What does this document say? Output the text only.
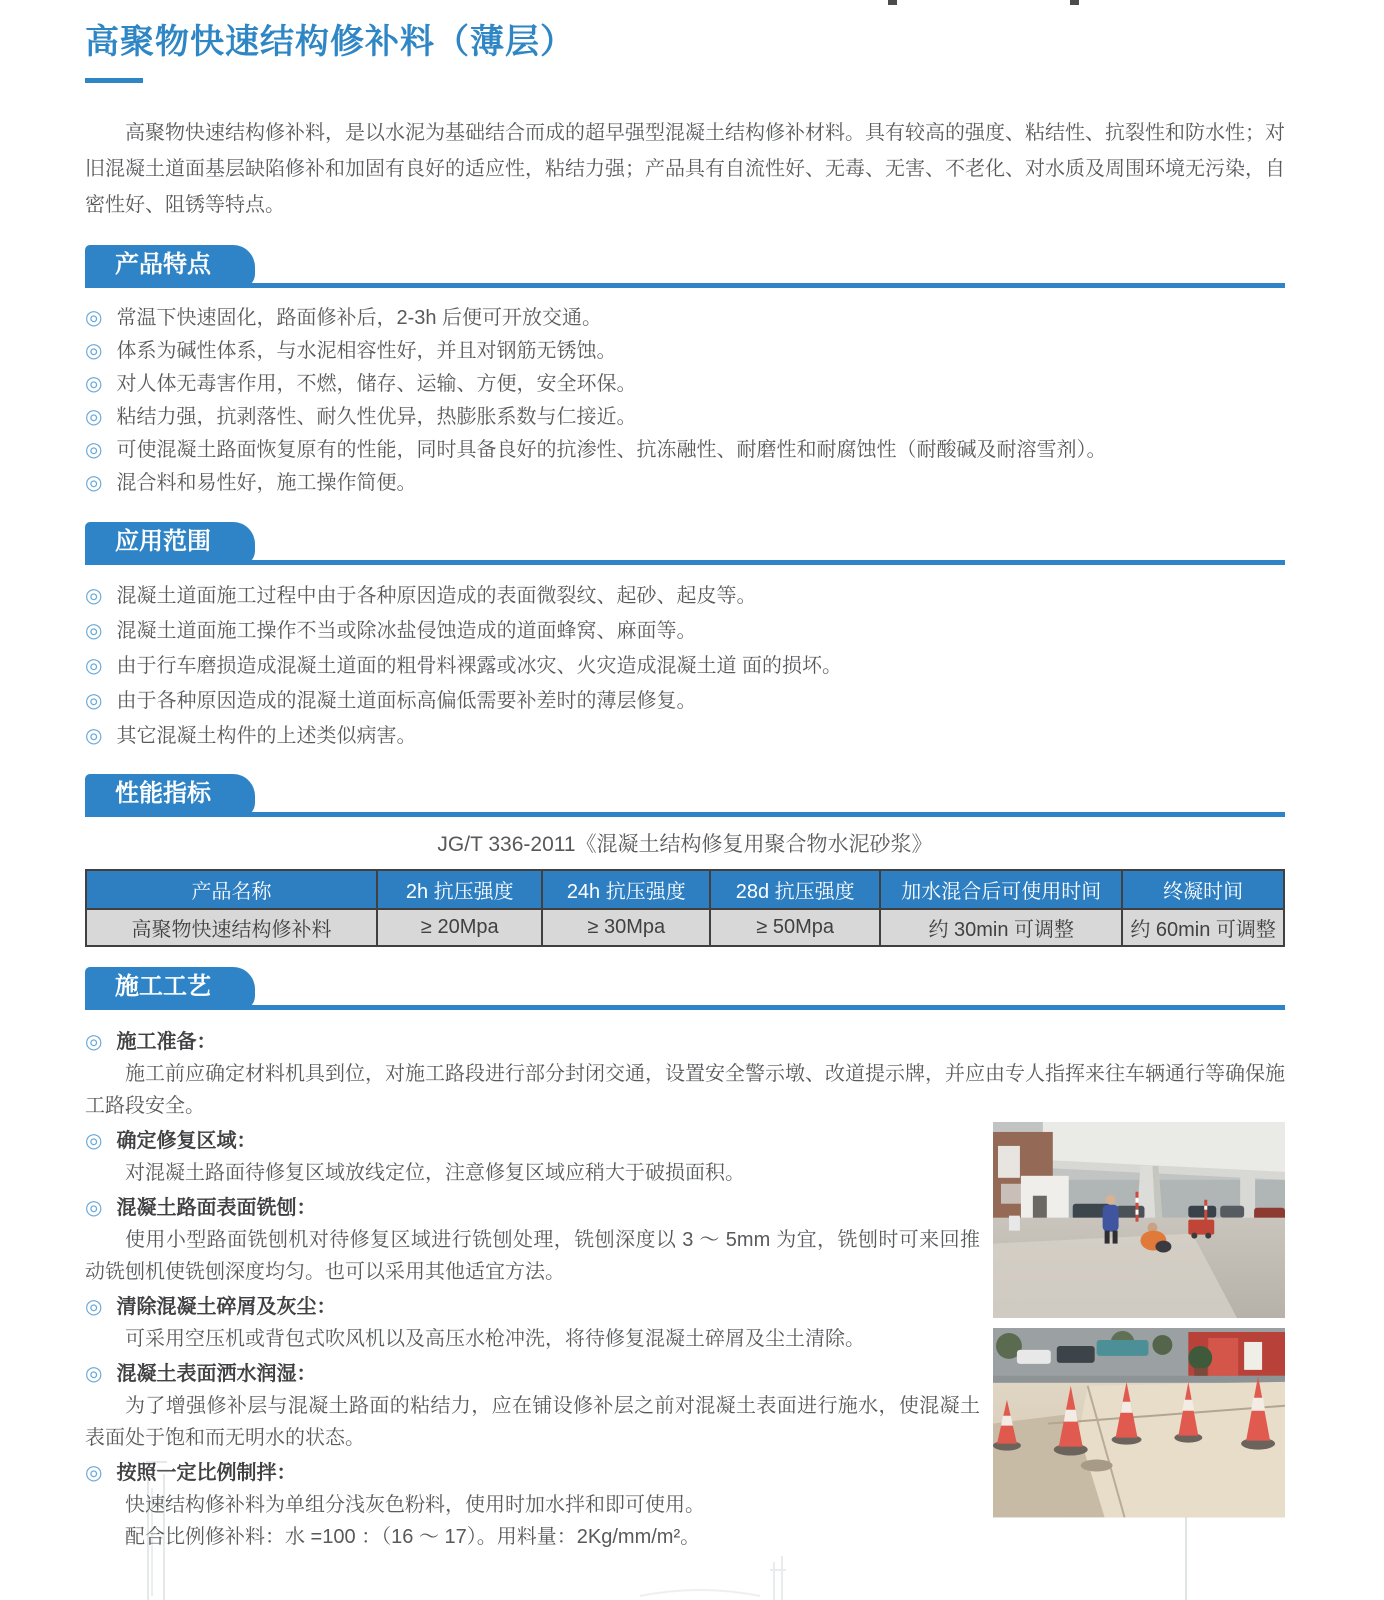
高聚物快速结构修补料（薄层）

高聚物快速结构修补料，是以水泥为基础结合而成的超早强型混凝土结构修补材料。具有较高的强度、粘结性、抗裂性和防水性；对旧混凝土道面基层缺陷修补和加固有良好的适应性，粘结力强；产品具有自流性好、无毒、无害、不老化、对水质及周围环境无污染，自密性好、阻锈等特点。

产品特点
◎ 常温下快速固化，路面修补后，2-3h 后便可开放交通。
◎ 体系为碱性体系，与水泥相容性好，并且对钢筋无锈蚀。
◎ 对人体无毒害作用，不燃，储存、运输、方便，安全环保。
◎ 粘结力强，抗剥落性、耐久性优异，热膨胀系数与仁接近。
◎ 可使混凝土路面恢复原有的性能，同时具备良好的抗渗性、抗冻融性、耐磨性和耐腐蚀性（耐酸碱及耐溶雪剂）。
◎ 混合料和易性好，施工操作简便。
应用范围
◎ 混凝土道面施工过程中由于各种原因造成的表面微裂纹、起砂、起皮等。
◎ 混凝土道面施工操作不当或除冰盐侵蚀造成的道面蜂窝、麻面等。
◎ 由于行车磨损造成混凝土道面的粗骨料裸露或冰灾、火灾造成混凝土道 面的损坏。
◎ 由于各种原因造成的混凝土道面标高偏低需要补差时的薄层修复。
◎ 其它混凝土构件的上述类似病害。
性能指标
JG/T 336-2011《混凝土结构修复用聚合物水泥砂浆》
产品名称	2h 抗压强度	24h 抗压强度	28d 抗压强度	加水混合后可使用时间	终凝时间
高聚物快速结构修补料	≥ 20Mpa	≥ 30Mpa	≥ 50Mpa	约 30min 可调整	约 60min 可调整
施工工艺
◎ 施工准备：

施工前应确定材料机具到位，对施工路段进行部分封闭交通，设置安全警示墩、改道提示牌，并应由专人指挥来往车辆通行等确保施工路段安全。

◎ 确定修复区域：

对混凝土路面待修复区域放线定位，注意修复区域应稍大于破损面积。

◎ 混凝土路面表面铣刨：

使用小型路面铣刨机对待修复区域进行铣刨处理，铣刨深度以 3 ～ 5mm 为宜，铣刨时可来回推动铣刨机使铣刨深度均匀。也可以采用其他适宜方法。

◎ 清除混凝土碎屑及灰尘：

可采用空压机或背包式吹风机以及高压水枪冲洗，将待修复混凝土碎屑及尘土清除。

◎ 混凝土表面洒水润湿：

为了增强修补层与混凝土路面的粘结力，应在铺设修补层之前对混凝土表面进行施水，使混凝土表面处于饱和而无明水的状态。

◎ 按照一定比例制拌：

快速结构修补料为单组分浅灰色粉料，使用时加水拌和即可使用。

配合比例修补料：水 =100 ：（16 ～ 17）。用料量：2Kg/mm/m²。
